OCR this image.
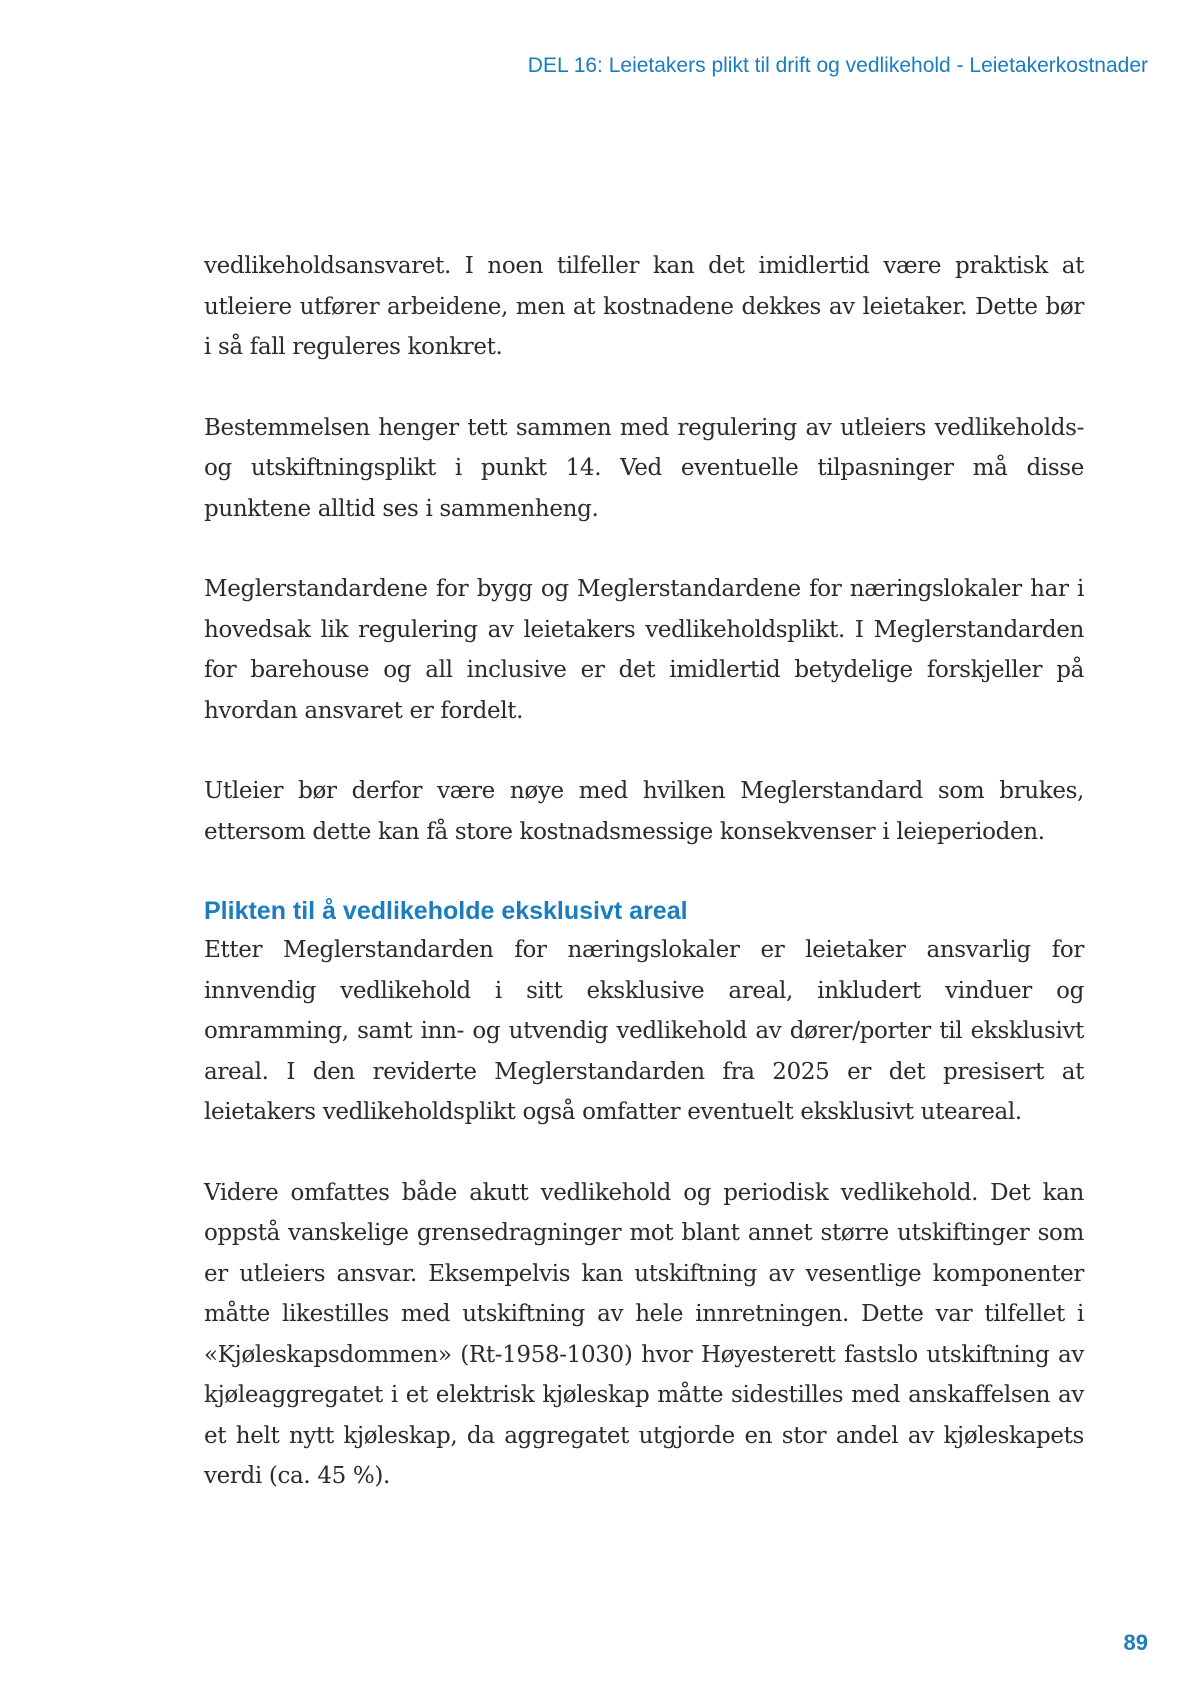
DEL 16: Leietakers plikt til drift og vedlikehold - Leietakerkostnader

vedlikeholdsansvaret. I noen tilfeller kan det imidlertid være praktisk at utleiere utfører arbeidene, men at kostnadene dekkes av leietaker. Dette bør i så fall reguleres konkret.

Bestemmelsen henger tett sammen med regulering av utleiers vedlikeholds- og utskiftningsplikt i punkt 14. Ved eventuelle tilpasninger må disse punktene alltid ses i sammenheng.

Meglerstandardene for bygg og Meglerstandardene for næringslokaler har i hovedsak lik regulering av leietakers vedlikeholdsplikt. I Meglerstandarden for barehouse og all inclusive er det imidlertid betydelige forskjeller på hvordan ansvaret er fordelt.

Utleier bør derfor være nøye med hvilken Meglerstandard som brukes, ettersom dette kan få store kostnadsmessige konsekvenser i leieperioden.

Plikten til å vedlikeholde eksklusivt areal

Etter Meglerstandarden for næringslokaler er leietaker ansvarlig for innvendig vedlikehold i sitt eksklusive areal, inkludert vinduer og omramming, samt inn- og utvendig vedlikehold av dører/porter til eksklusivt areal. I den reviderte Meglerstandarden fra 2025 er det presisert at leietakers vedlikeholdsplikt også omfatter eventuelt eksklusivt uteareal.

Videre omfattes både akutt vedlikehold og periodisk vedlikehold. Det kan oppstå vanskelige grensedragninger mot blant annet større utskiftinger som er utleiers ansvar. Eksempelvis kan utskiftning av vesentlige komponenter måtte likestilles med utskiftning av hele innretningen. Dette var tilfellet i «Kjøleskapsdommen» (Rt-1958-1030) hvor Høyesterett fastslo utskiftning av kjøleaggregatet i et elektrisk kjøleskap måtte sidestilles med anskaffelsen av et helt nytt kjøleskap, da aggregatet utgjorde en stor andel av kjøleskapets verdi (ca. 45 %).

89
